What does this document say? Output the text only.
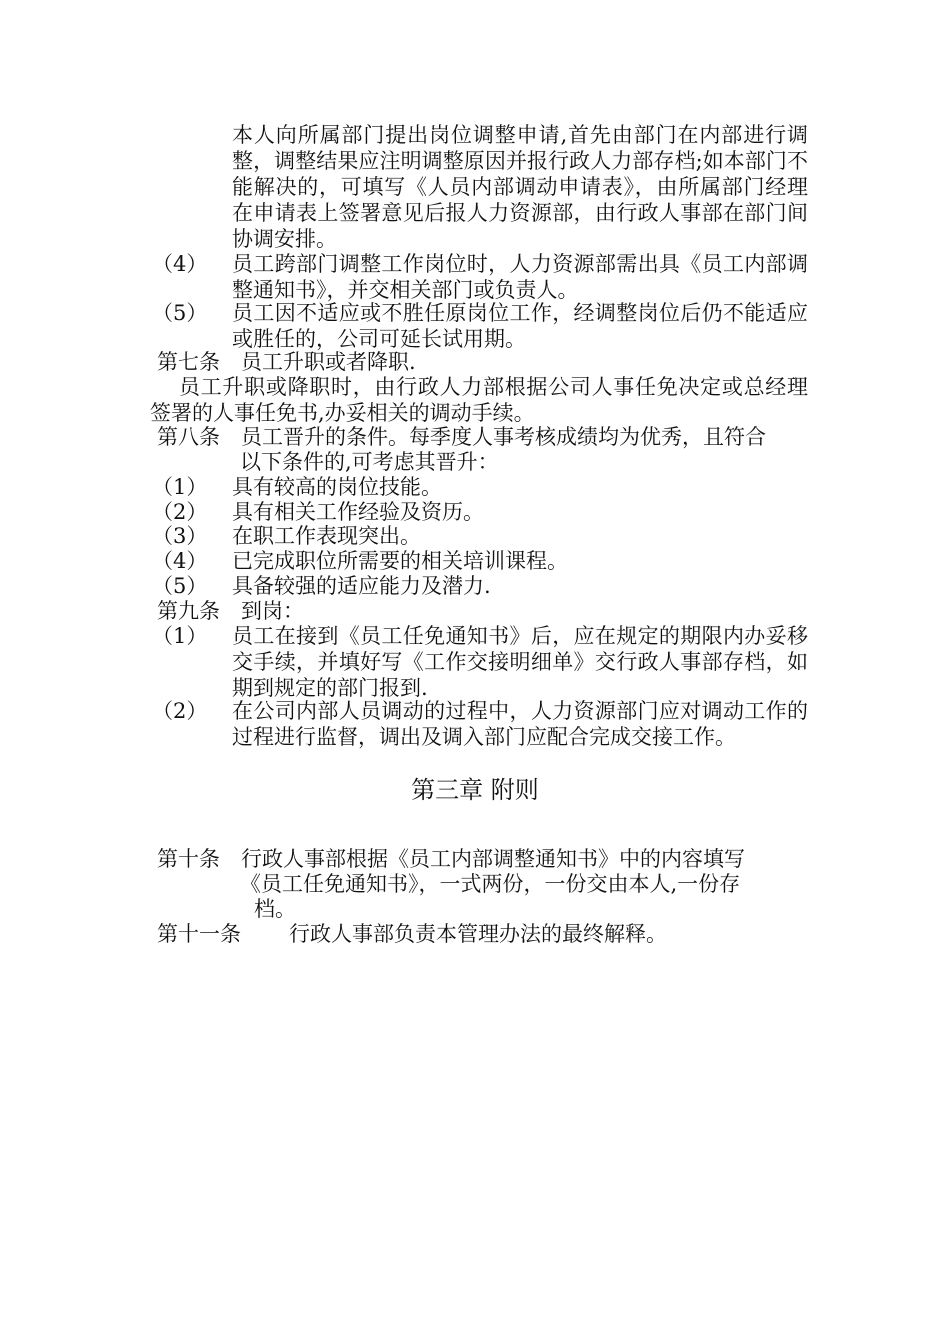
本人向所属部门提出岗位调整申请,首先由部门在内部进行调整，调整结果应注明调整原因并报行政人力部存档;如本部门不能解决的，可填写《人员内部调动申请表》，由所属部门经理在申请表上签署意见后报人力资源部，由行政人事部在部门间协调安排。
（4） 员工跨部门调整工作岗位时，人力资源部需出具《员工内部调整通知书》，并交相关部门或负责人。
（5） 员工因不适应或不胜任原岗位工作，经调整岗位后仍不能适应或胜任的，公司可延长试用期。
第七条　员工升职或者降职.
员工升职或降职时，由行政人力部根据公司人事任免决定或总经理签署的人事任免书,办妥相关的调动手续。
第八条　员工晋升的条件。每季度人事考核成绩均为优秀，且符合
以下条件的,可考虑其晋升：
（1） 具有较高的岗位技能。
（2） 具有相关工作经验及资历。
（3） 在职工作表现突出。
（4） 已完成职位所需要的相关培训课程。
（5） 具备较强的适应能力及潜力.
第九条　到岗：
（1） 员工在接到《员工任免通知书》后，应在规定的期限内办妥移交手续，并填好写《工作交接明细单》交行政人事部存档，如期到规定的部门报到.
（2） 在公司内部人员调动的过程中，人力资源部门应对调动工作的过程进行监督，调出及调入部门应配合完成交接工作。
第三章 附则
第十条　行政人事部根据《员工内部调整通知书》中的内容填写
《员工任免通知书》，一式两份，一份交由本人,一份存
档。
第十一条 行政人事部负责本管理办法的最终解释。
